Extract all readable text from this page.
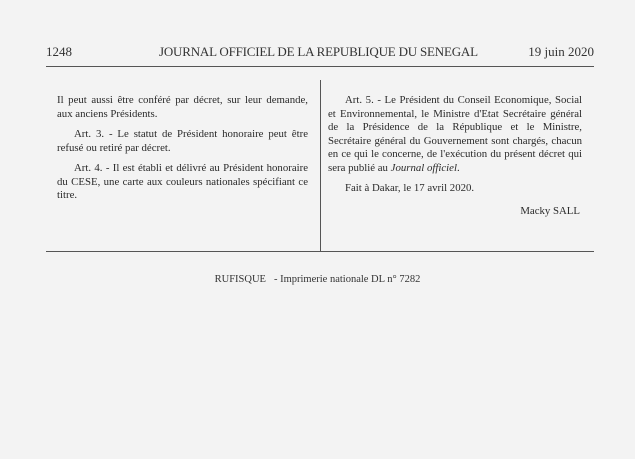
1248	JOURNAL OFFICIEL DE LA REPUBLIQUE DU SENEGAL	19 juin 2020

Il peut aussi être conféré par décret, sur leur demande, aux anciens Présidents.

Art. 3. - Le statut de Président honoraire peut être refusé ou retiré par décret.

Art. 4. - Il est établi et délivré au Président honoraire du CESE, une carte aux couleurs nationales spécifiant ce titre.

Art. 5. - Le Président du Conseil Economique, Social et Environnemental, le Ministre d'Etat Secrétaire général de la Présidence de la République et le Ministre, Secrétaire général du Gouvernement sont chargés, chacun en ce qui le concerne, de l'exécution du présent décret qui sera publié au Journal officiel.

Fait à Dakar, le 17 avril 2020.

Macky SALL

RUFISQUE - Imprimerie nationale DL n° 7282
